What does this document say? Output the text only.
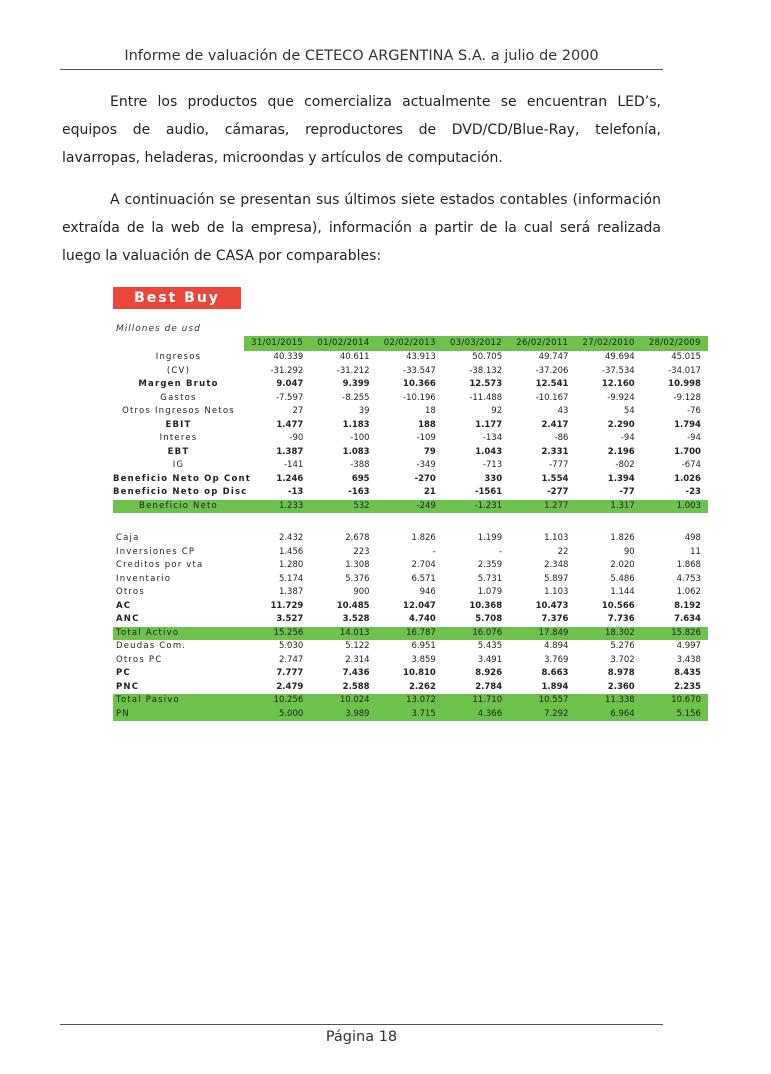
Informe de valuación de CETECO ARGENTINA S.A. a julio de 2000
Entre los productos que comercializa actualmente se encuentran LED’s, equipos de audio, cámaras, reproductores de DVD/CD/Blue-Ray, telefonía, lavarropas, heladeras, microondas y artículos de computación.
A continuación se presentan sus últimos siete estados contables (información extraída de la web de la empresa), información a partir de la cual será realizada luego la valuación de CASA por comparables:
Best Buy
Millones de usd
31/01/2015	01/02/2014	02/02/2013	03/03/2012	26/02/2011	27/02/2010	28/02/2009
Ingresos	40.339	40.611	43.913	50.705	49.747	49.694	45.015
(CV)	-31.292	-31.212	-33.547	-38.132	-37.206	-37.534	-34.017
Margen Bruto	9.047	9.399	10.366	12.573	12.541	12.160	10.998
Gastos	-7.597	-8.255	-10.196	-11.488	-10.167	-9.924	-9.128
Otros Ingresos Netos	27	39	18	92	43	54	-76
EBIT	1.477	1.183	188	1.177	2.417	2.290	1.794
Interes	-90	-100	-109	-134	-86	-94	-94
EBT	1.387	1.083	79	1.043	2.331	2.196	1.700
IG	-141	-388	-349	-713	-777	-802	-674
Beneficio Neto Op Cont	1.246	695	-270	330	1.554	1.394	1.026
Beneficio Neto op Disc	-13	-163	21	-1561	-277	-77	-23
Beneficio Neto	1.233	532	-249	-1.231	1.277	1.317	1.003
Caja	2.432	2.678	1.826	1.199	1.103	1.826	498
Inversiones CP	1.456	223	-	-	22	90	11
Creditos por vta	1.280	1.308	2.704	2.359	2.348	2.020	1.868
Inventario	5.174	5.376	6.571	5.731	5.897	5.486	4.753
Otros	1.387	900	946	1.079	1.103	1.144	1.062
AC	11.729	10.485	12.047	10.368	10.473	10.566	8.192
ANC	3.527	3.528	4.740	5.708	7.376	7.736	7.634
Total Activo	15.256	14.013	16.787	16.076	17.849	18.302	15.826
Deudas Com.	5.030	5.122	6.951	5.435	4.894	5.276	4.997
Otros PC	2.747	2.314	3.859	3.491	3.769	3.702	3.438
PC	7.777	7.436	10.810	8.926	8.663	8.978	8.435
PNC	2.479	2.588	2.262	2.784	1.894	2.360	2.235
Total Pasivo	10.256	10.024	13.072	11.710	10.557	11.338	10.670
PN	5.000	3.989	3.715	4.366	7.292	6.964	5.156
Página 18
